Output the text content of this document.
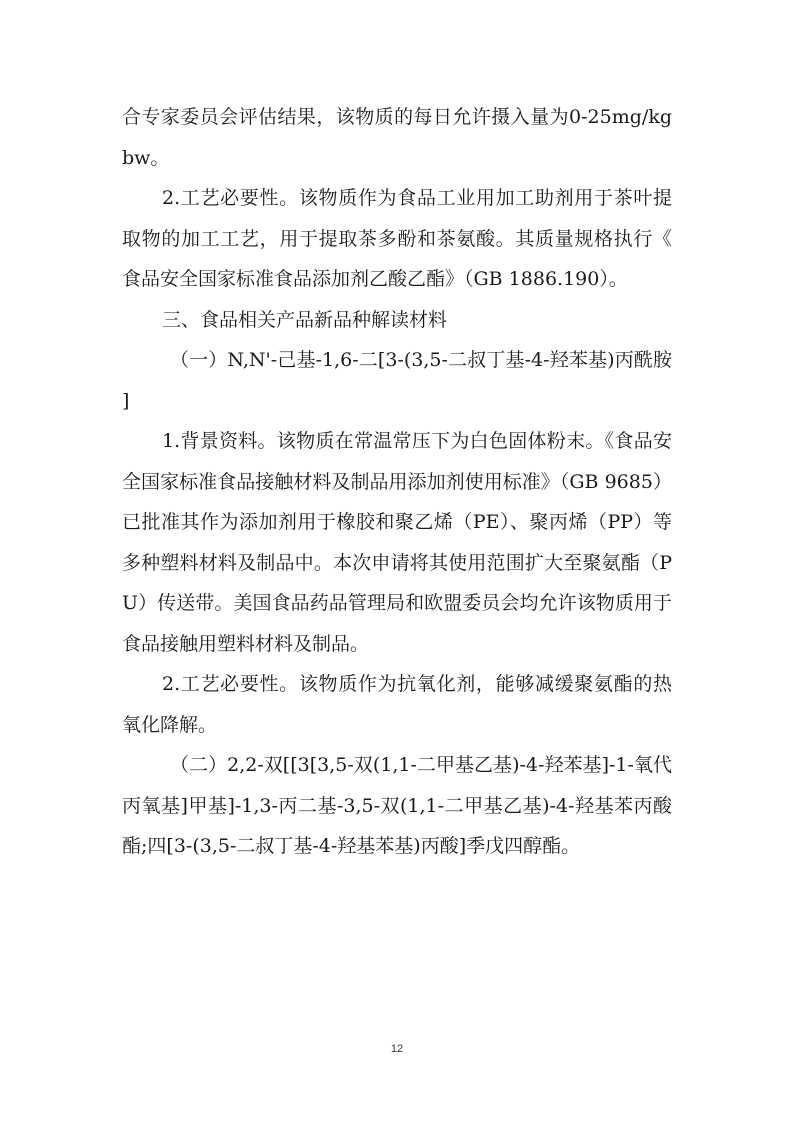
合专家委员会评估结果，该物质的每日允许摄入量为0-25mg/kgbw。

2.工艺必要性。该物质作为食品工业用加工助剂用于茶叶提取物的加工工艺，用于提取茶多酚和茶氨酸。其质量规格执行《食品安全国家标准食品添加剂乙酸乙酯》（GB 1886.190）。

三、食品相关产品新品种解读材料

（一）N,N'-己基-1,6-二[3-(3,5-二叔丁基-4-羟苯基)丙酰胺]

1.背景资料。该物质在常温常压下为白色固体粉末。《食品安全国家标准食品接触材料及制品用添加剂使用标准》（GB 9685）已批准其作为添加剂用于橡胶和聚乙烯（PE）、聚丙烯（PP）等多种塑料材料及制品中。本次申请将其使用范围扩大至聚氨酯（PU）传送带。美国食品药品管理局和欧盟委员会均允许该物质用于食品接触用塑料材料及制品。

2.工艺必要性。该物质作为抗氧化剂，能够减缓聚氨酯的热氧化降解。

（二）2,2-双[[3[3,5-双(1,1-二甲基乙基)-4-羟苯基]-1-氧代丙氧基]甲基]-1,3-丙二基-3,5-双(1,1-二甲基乙基)-4-羟基苯丙酸酯;四[3-(3,5-二叔丁基-4-羟基苯基)丙酸]季戊四醇酯。

12
